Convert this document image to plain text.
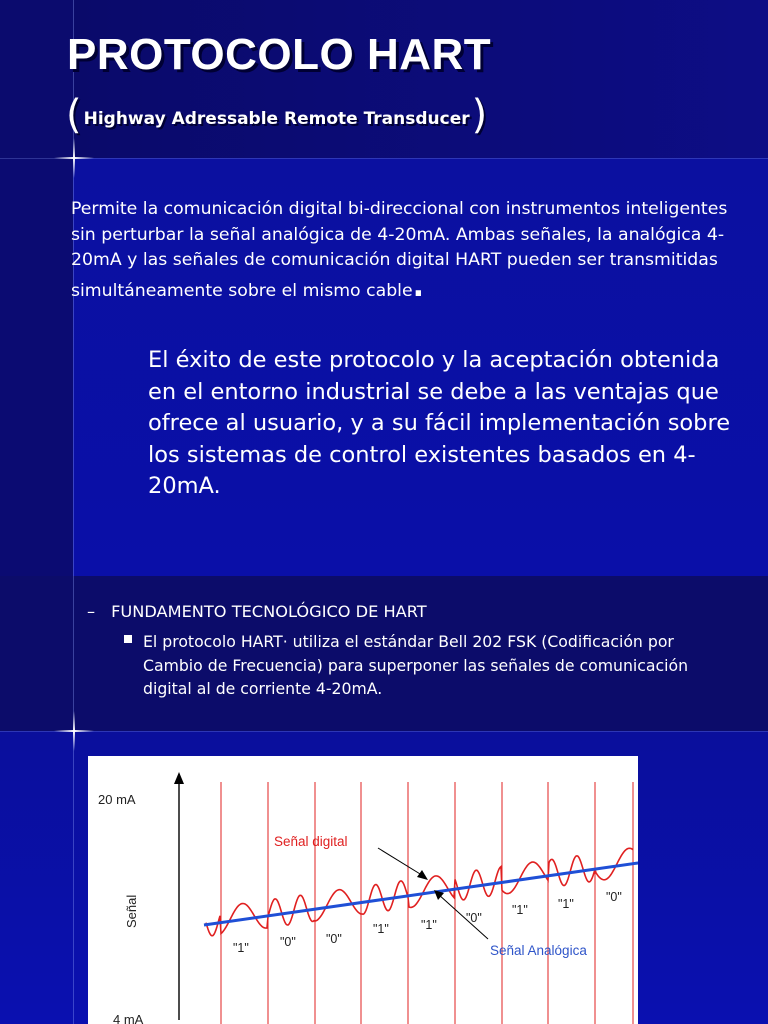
PROTOCOLO HART
( Highway Adressable Remote Transducer)
Permite la comunicación digital bi-direccional con instrumentos inteligentes sin perturbar la señal analógica de 4-20mA. Ambas señales, la analógica 4-20mA y las señales de comunicación digital HART pueden ser transmitidas simultáneamente sobre el mismo cable.
El éxito de este protocolo y la aceptación obtenida en el entorno industrial se debe a las ventajas que ofrece al usuario, y a su fácil implementación sobre los sistemas de control existentes basados en 4-20mA.
– FUNDAMENTO TECNOLÓGICO DE HART
El protocolo HART· utiliza el estándar Bell 202 FSK (Codificación por Cambio de Frecuencia) para superponer las señales de comunicación digital al de corriente 4-20mA.
20 mA
4 mA
Señal
"1" "0" "0"
"1"	"1" "0"
"1" "1"	"0"
Señal digital
Señal Analógica
